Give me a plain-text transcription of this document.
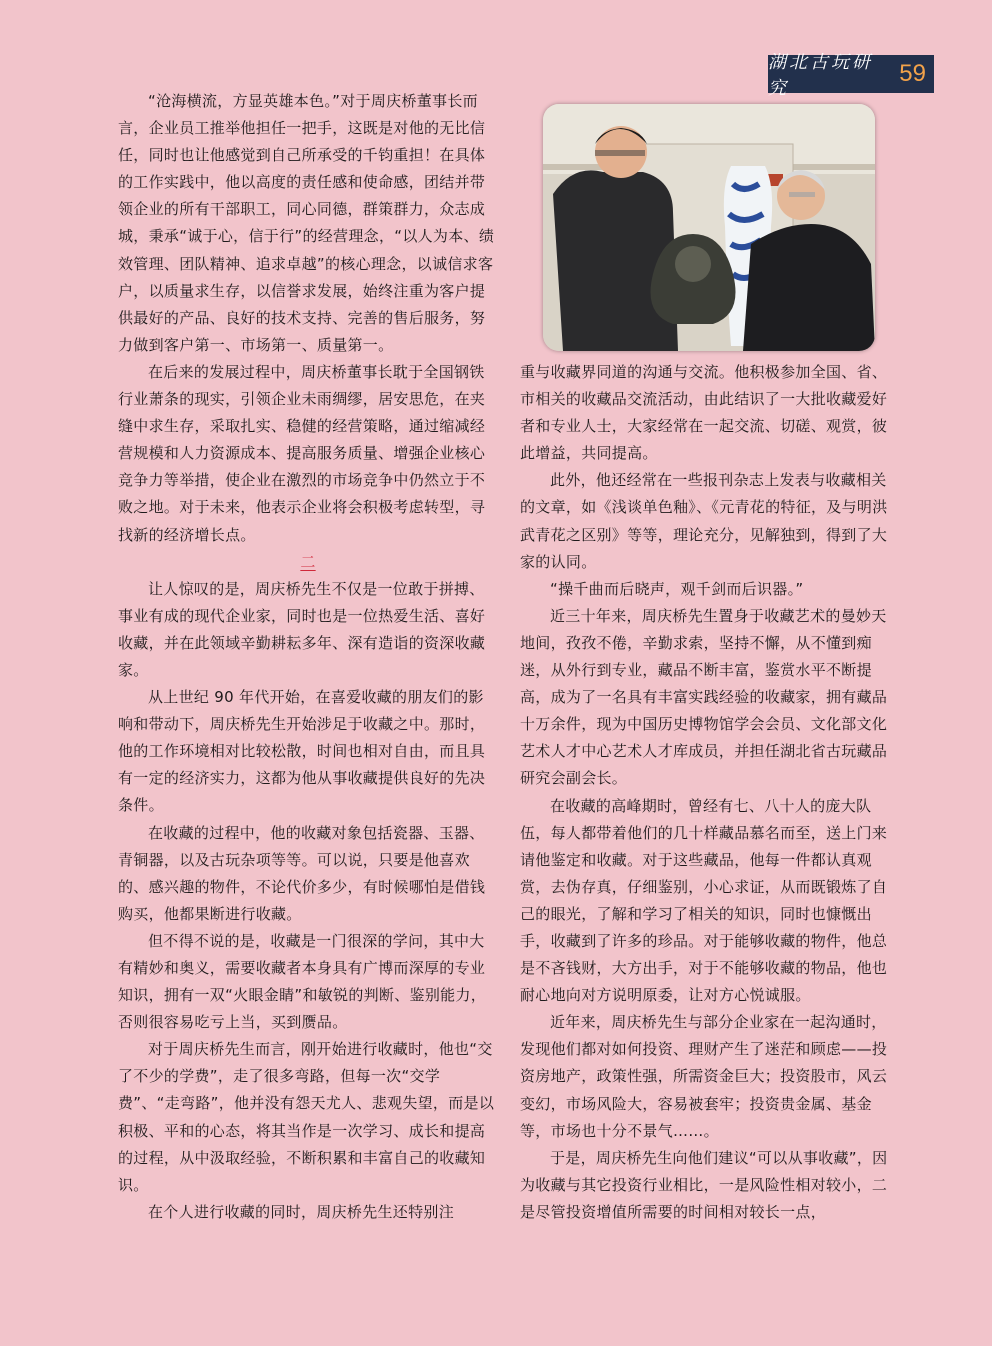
湖北古玩研究
59

“沧海横流，方显英雄本色。”对于周庆桥董事长而言，企业员工推举他担任一把手，这既是对他的无比信任，同时也让他感觉到自己所承受的千钧重担！在具体的工作实践中，他以高度的责任感和使命感，团结并带领企业的所有干部职工，同心同德，群策群力，众志成城，秉承“诚于心，信于行”的经营理念，“以人为本、绩效管理、团队精神、追求卓越”的核心理念，以诚信求客户，以质量求生存，以信誉求发展，始终注重为客户提供最好的产品、良好的技术支持、完善的售后服务，努力做到客户第一、市场第一、质量第一。

在后来的发展过程中，周庆桥董事长耽于全国钢铁行业萧条的现实，引领企业未雨绸缪，居安思危，在夹缝中求生存，采取扎实、稳健的经营策略，通过缩减经营规模和人力资源成本、提高服务质量、增强企业核心竞争力等举措，使企业在激烈的市场竞争中仍然立于不败之地。对于未来，他表示企业将会积极考虑转型，寻找新的经济增长点。

二

让人惊叹的是，周庆桥先生不仅是一位敢于拼搏、事业有成的现代企业家，同时也是一位热爱生活、喜好收藏，并在此领域辛勤耕耘多年、深有造诣的资深收藏家。

从上世纪 90 年代开始，在喜爱收藏的朋友们的影响和带动下，周庆桥先生开始涉足于收藏之中。那时，他的工作环境相对比较松散，时间也相对自由，而且具有一定的经济实力，这都为他从事收藏提供良好的先决条件。

在收藏的过程中，他的收藏对象包括瓷器、玉器、青铜器，以及古玩杂项等等。可以说，只要是他喜欢的、感兴趣的物件，不论代价多少，有时候哪怕是借钱购买，他都果断进行收藏。

但不得不说的是，收藏是一门很深的学问，其中大有精妙和奥义，需要收藏者本身具有广博而深厚的专业知识，拥有一双“火眼金睛”和敏锐的判断、鉴别能力，否则很容易吃亏上当，买到赝品。

对于周庆桥先生而言，刚开始进行收藏时，他也“交了不少的学费”，走了很多弯路，但每一次“交学费”、“走弯路”，他并没有怨天尤人、悲观失望，而是以积极、平和的心态，将其当作是一次学习、成长和提高的过程，从中汲取经验，不断积累和丰富自己的收藏知识。

在个人进行收藏的同时，周庆桥先生还特别注

重与收藏界同道的沟通与交流。他积极参加全国、省、市相关的收藏品交流活动，由此结识了一大批收藏爱好者和专业人士，大家经常在一起交流、切磋、观赏，彼此增益，共同提高。

此外，他还经常在一些报刊杂志上发表与收藏相关的文章，如《浅谈单色釉》、《元青花的特征，及与明洪武青花之区别》等等，理论充分，见解独到，得到了大家的认同。

“操千曲而后晓声，观千剑而后识器。”

近三十年来，周庆桥先生置身于收藏艺术的曼妙天地间，孜孜不倦，辛勤求索，坚持不懈，从不懂到痴迷，从外行到专业，藏品不断丰富，鉴赏水平不断提高，成为了一名具有丰富实践经验的收藏家，拥有藏品十万余件，现为中国历史博物馆学会会员、文化部文化艺术人才中心艺术人才库成员，并担任湖北省古玩藏品研究会副会长。

在收藏的高峰期时，曾经有七、八十人的庞大队伍，每人都带着他们的几十样藏品慕名而至，送上门来请他鉴定和收藏。对于这些藏品，他每一件都认真观赏，去伪存真，仔细鉴别，小心求证，从而既锻炼了自己的眼光，了解和学习了相关的知识，同时也慷慨出手，收藏到了许多的珍品。对于能够收藏的物件，他总是不吝钱财，大方出手，对于不能够收藏的物品，他也耐心地向对方说明原委，让对方心悦诚服。

近年来，周庆桥先生与部分企业家在一起沟通时，发现他们都对如何投资、理财产生了迷茫和顾虑——投资房地产，政策性强，所需资金巨大；投资股市，风云变幻，市场风险大，容易被套牢；投资贵金属、基金等，市场也十分不景气……。

于是，周庆桥先生向他们建议“可以从事收藏”，因为收藏与其它投资行业相比，一是风险性相对较小，二是尽管投资增值所需要的时间相对较长一点，
